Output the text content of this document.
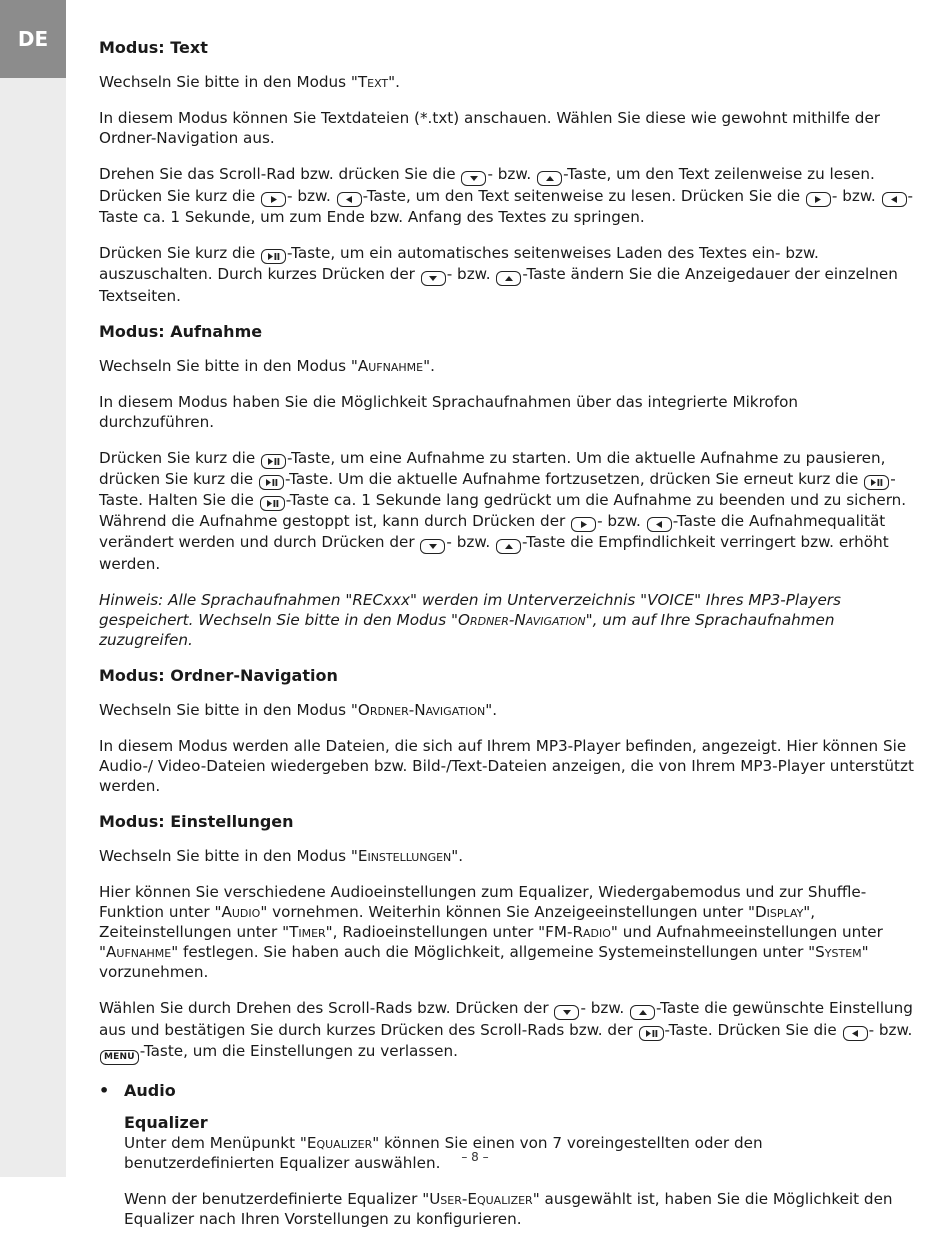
DE	Modus: Text

Wechseln Sie bitte in den Modus "Text".

In diesem Modus können Sie Textdateien (*.txt) anschauen. Wählen Sie diese wie gewohnt mithilfe der Ordner-Navigation aus.

Drehen Sie das Scroll-Rad bzw. drücken Sie die
- bzw.
-Taste, um den Text zeilenweise zu lesen. Drücken Sie kurz die
- bzw.
-Taste, um den Text seitenweise zu lesen. Drücken Sie die
- bzw.
-Taste ca. 1 Sekunde, um zum Ende bzw. Anfang des Textes zu springen.

Drücken Sie kurz die
-Taste, um ein automatisches seitenweises Laden des Textes ein- bzw. auszuschalten. Durch kurzes Drücken der
- bzw.
-Taste ändern Sie die Anzeigedauer der einzelnen Textseiten.

Modus: Aufnahme

Wechseln Sie bitte in den Modus "Aufnahme".

In diesem Modus haben Sie die Möglichkeit Sprachaufnahmen über das integrierte Mikrofon durchzuführen.

Drücken Sie kurz die
-Taste, um eine Aufnahme zu starten. Um die aktuelle Aufnahme zu pausieren, drücken Sie kurz die
-Taste. Um die aktuelle Aufnahme fortzusetzen, drücken Sie erneut kurz die
-Taste. Halten Sie die
-Taste ca. 1 Sekunde lang gedrückt um die Aufnahme zu beenden und zu sichern. Während die Aufnahme gestoppt ist, kann durch Drücken der
- bzw.
-Taste die Aufnahmequalität verändert werden und durch Drücken der
- bzw.
-Taste die Empfindlichkeit verringert bzw. erhöht werden.

Hinweis: Alle Sprachaufnahmen "RECxxx" werden im Unterverzeichnis "VOICE" Ihres MP3-Players gespeichert. Wechseln Sie bitte in den Modus "Ordner-Navigation", um auf Ihre Sprachaufnahmen zuzugreifen.

Modus: Ordner-Navigation

Wechseln Sie bitte in den Modus "Ordner-Navigation".

In diesem Modus werden alle Dateien, die sich auf Ihrem MP3-Player befinden, angezeigt. Hier können Sie Audio-/ Video-Dateien wiedergeben bzw. Bild-/Text-Dateien anzeigen, die von Ihrem MP3-Player unterstützt werden.

Modus: Einstellungen

Wechseln Sie bitte in den Modus "Einstellungen".

Hier können Sie verschiedene Audioeinstellungen zum Equalizer, Wiedergabemodus und zur Shuffle-Funktion unter "Audio" vornehmen. Weiterhin können Sie Anzeigeeinstellungen unter "Display", Zeiteinstellungen unter "Timer", Radioeinstellungen unter "FM-Radio" und Aufnahmeeinstellungen unter "Aufnahme" festlegen. Sie haben auch die Möglichkeit, allgemeine Systemeinstellungen unter "System" vorzunehmen.

Wählen Sie durch Drehen des Scroll-Rads bzw. Drücken der
- bzw.
-Taste die gewünschte Einstellung aus und bestätigen Sie durch kurzes Drücken des Scroll-Rads bzw. der
-Taste. Drücken Sie die
- bzw. MENU -Taste, um die Einstellungen zu verlassen.

• Audio
Equalizer

Unter dem Menüpunkt "Equalizer" können Sie einen von 7 voreingestellten oder den benutzerdefinierten Equalizer auswählen.

Wenn der benutzerdefinierte Equalizer "User-Equalizer" ausgewählt ist, haben Sie die Möglichkeit den Equalizer nach Ihren Vorstellungen zu konfigurieren.

– 8 –
